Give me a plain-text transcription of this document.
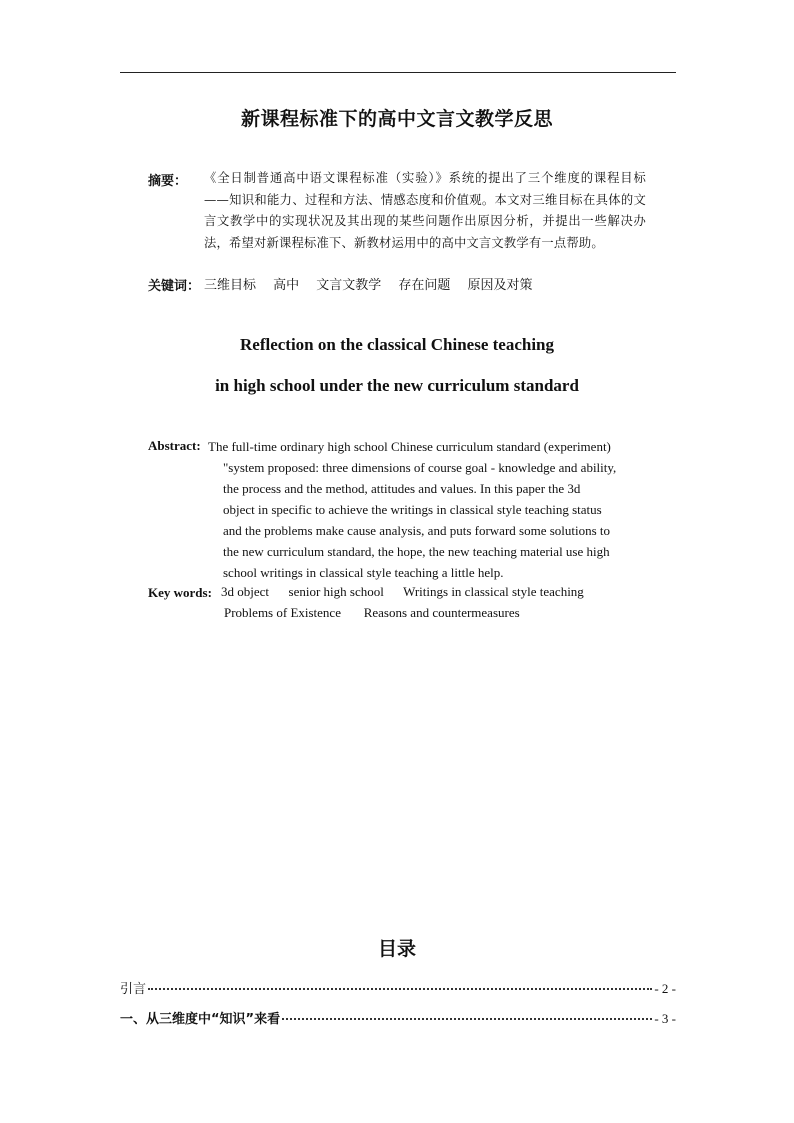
新课程标准下的高中文言文教学反思
摘要： 《全日制普通高中语文课程标准（实验）》系统的提出了三个维度的课程目标——知识和能力、过程和方法、情感态度和价值观。本文对三维目标在具体的文言文教学中的实现状况及其出现的某些问题作出原因分析，并提出一些解决办法，希望对新课程标准下、新教材运用中的高中文言文教学有一点帮助。
关键词： 三维目标　 高中　 文言文教学　 存在问题　 原因及对策
Reflection on the classical Chinese teaching
in high school under the new curriculum standard
Abstract: The full-time ordinary high school Chinese curriculum standard (experiment)
"system proposed: three dimensions of course goal - knowledge and ability,
the process and the method, attitudes and values. In this paper the 3d
object in specific to achieve the writings in classical style teaching status
and the problems make cause analysis, and puts forward some solutions to
the new curriculum standard, the hope, the new teaching material use high
school writings in classical style teaching a little help.
Key words: 3d object      senior high school      Writings in classical style teaching
Problems of Existence       Reasons and countermeasures
目录
引言	- 2 -
一、从三维度中“知识”来看	- 3 -
